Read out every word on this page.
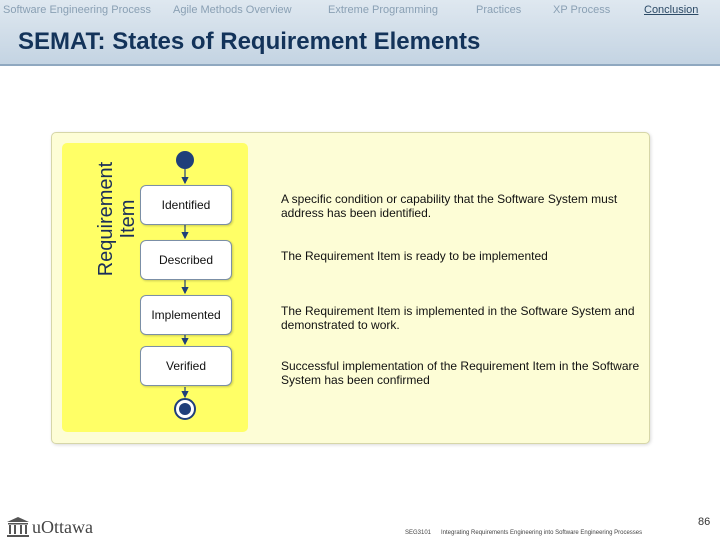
Software Engineering Process Agile Methods Overview	Extreme Programming	Practices	XP Process	Conclusion
SEMAT: States of Requirement Elements
Requirement Item	Identified
Described
Implemented
Verified
A specific condition or capability that the Software System must address has been identified.
The Requirement Item is ready to be implemented
The Requirement Item is implemented in the Software System and demonstrated to work.
Successful implementation of the Requirement Item in the Software System has been confirmed
uOttawa	86
SEG3101 Integrating Requirements Engineering into Software Engineering Processes
